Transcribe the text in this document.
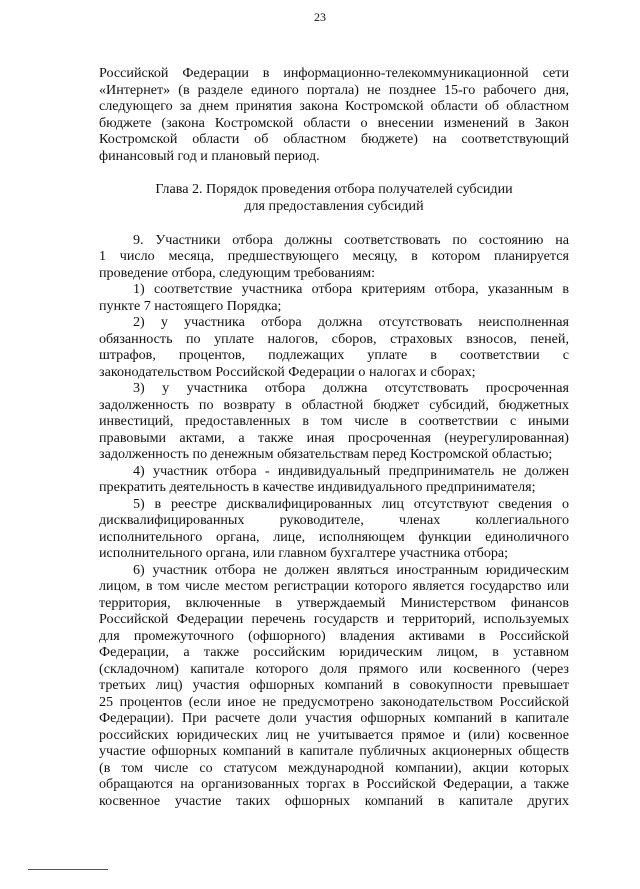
23
Российской Федерации в информационно-телекоммуникационной сети
«Интернет» (в разделе единого портала) не позднее 15-го рабочего дня,
следующего за днем принятия закона Костромской области об областном
бюджете (закона Костромской области о внесении изменений в Закон
Костромской области об областном бюджете) на соответствующий
финансовый год и плановый период.
Глава 2. Порядок проведения отбора получателей субсидии
для предоставления субсидий
9. Участники отбора должны соответствовать по состоянию на
1 число месяца, предшествующего месяцу, в котором планируется
проведение отбора, следующим требованиям:
1) соответствие участника отбора критериям отбора, указанным в
пункте 7 настоящего Порядка;
2) у участника отбора должна отсутствовать неисполненная
обязанность по уплате налогов, сборов, страховых взносов, пеней,
штрафов, процентов, подлежащих уплате в соответствии с
законодательством Российской Федерации о налогах и сборах;
3) у участника отбора должна отсутствовать просроченная
задолженность по возврату в областной бюджет субсидий, бюджетных
инвестиций, предоставленных в том числе в соответствии с иными
правовыми актами, а также иная просроченная (неурегулированная)
задолженность по денежным обязательствам перед Костромской областью;
4) участник отбора - индивидуальный предприниматель не должен
прекратить деятельность в качестве индивидуального предпринимателя;
5) в реестре дисквалифицированных лиц отсутствуют сведения о
дисквалифицированных руководителе, членах коллегиального
исполнительного органа, лице, исполняющем функции единоличного
исполнительного органа, или главном бухгалтере участника отбора;
6) участник отбора не должен являться иностранным юридическим
лицом, в том числе местом регистрации которого является государство или
территория, включенные в утверждаемый Министерством финансов
Российской Федерации перечень государств и территорий, используемых
для промежуточного (офшорного) владения активами в Российской
Федерации, а также российским юридическим лицом, в уставном
(складочном) капитале которого доля прямого или косвенного (через
третьих лиц) участия офшорных компаний в совокупности превышает
25 процентов (если иное не предусмотрено законодательством Российской
Федерации). При расчете доли участия офшорных компаний в капитале
российских юридических лиц не учитывается прямое и (или) косвенное
участие офшорных компаний в капитале публичных акционерных обществ
(в том числе со статусом международной компании), акции которых
обращаются на организованных торгах в Российской Федерации, а также
косвенное участие таких офшорных компаний в капитале других
